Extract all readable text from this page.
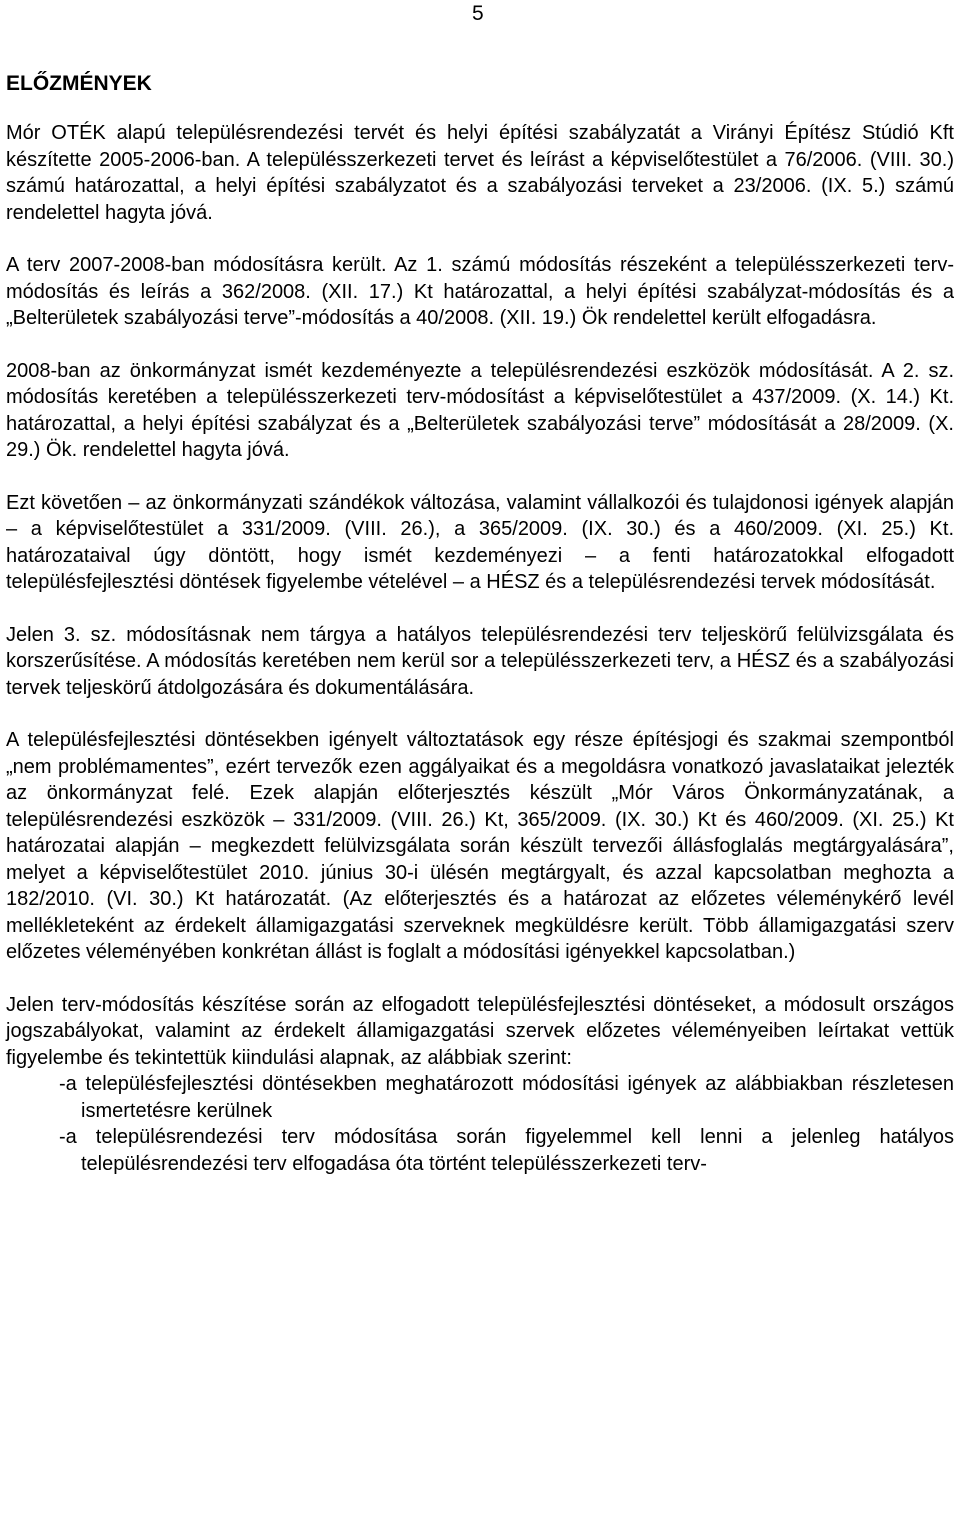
5
ELŐZMÉNYEK

Mór OTÉK alapú településrendezési tervét és helyi építési szabályzatát a Virányi Építész Stúdió Kft készítette 2005-2006-ban. A településszerkezeti tervet és leírást a képviselőtestület a 76/2006. (VIII. 30.) számú határozattal, a helyi építési szabályzatot és a szabályozási terveket a 23/2006. (IX. 5.) számú rendelettel hagyta jóvá.

A terv 2007-2008-ban módosításra került. Az 1. számú módosítás részeként a településszerkezeti terv-módosítás és leírás a 362/2008. (XII. 17.) Kt határozattal, a helyi építési szabályzat-módosítás és a „Belterületek szabályozási terve”-módosítás a 40/2008. (XII. 19.) Ök rendelettel került elfogadásra.

2008-ban az önkormányzat ismét kezdeményezte a településrendezési eszközök módosítását. A 2. sz. módosítás keretében a településszerkezeti terv-módosítást a képviselőtestület a 437/2009. (X. 14.) Kt. határozattal, a helyi építési szabályzat és a „Belterületek szabályozási terve” módosítását a 28/2009. (X. 29.) Ök. rendelettel hagyta jóvá.

Ezt követően – az önkormányzati szándékok változása, valamint vállalkozói és tulajdonosi igények alapján – a képviselőtestület a 331/2009. (VIII. 26.), a 365/2009. (IX. 30.) és a 460/2009. (XI. 25.) Kt. határozataival úgy döntött, hogy ismét kezdeményezi – a fenti határozatokkal elfogadott településfejlesztési döntések figyelembe vételével – a HÉSZ és a településrendezési tervek módosítását.

Jelen 3. sz. módosításnak nem tárgya a hatályos településrendezési terv teljeskörű felülvizsgálata és korszerűsítése. A módosítás keretében nem kerül sor a településszerkezeti terv, a HÉSZ és a szabályozási tervek teljeskörű átdolgozására és dokumentálására.

A településfejlesztési döntésekben igényelt változtatások egy része építésjogi és szakmai szempontból „nem problémamentes”, ezért tervezők ezen aggályaikat és a megoldásra vonatkozó javaslataikat jelezték az önkormányzat felé. Ezek alapján előterjesztés készült „Mór Város Önkormányzatának, a településrendezési eszközök – 331/2009. (VIII. 26.) Kt, 365/2009. (IX. 30.) Kt és 460/2009. (XI. 25.) Kt határozatai alapján – megkezdett felülvizsgálata során készült tervezői állásfoglalás megtárgyalására”, melyet a képviselőtestület 2010. június 30-i ülésén megtárgyalt, és azzal kapcsolatban meghozta a 182/2010. (VI. 30.) Kt határozatát. (Az előterjesztés és a határozat az előzetes véleménykérő levél mellékleteként az érdekelt államigazgatási szerveknek megküldésre került. Több államigazgatási szerv előzetes véleményében konkrétan állást is foglalt a módosítási igényekkel kapcsolatban.)

Jelen terv-módosítás készítése során az elfogadott településfejlesztési döntéseket, a módosult országos jogszabályokat, valamint az érdekelt államigazgatási szervek előzetes véleményeiben leírtakat vettük figyelembe és tekintettük kiindulási alapnak, az alábbiak szerint:

-a településfejlesztési döntésekben meghatározott módosítási igények az alábbiakban részletesen ismertetésre kerülnek
-a településrendezési terv módosítása során figyelemmel kell lenni a jelenleg hatályos településrendezési terv elfogadása óta történt településszerkezeti terv-
